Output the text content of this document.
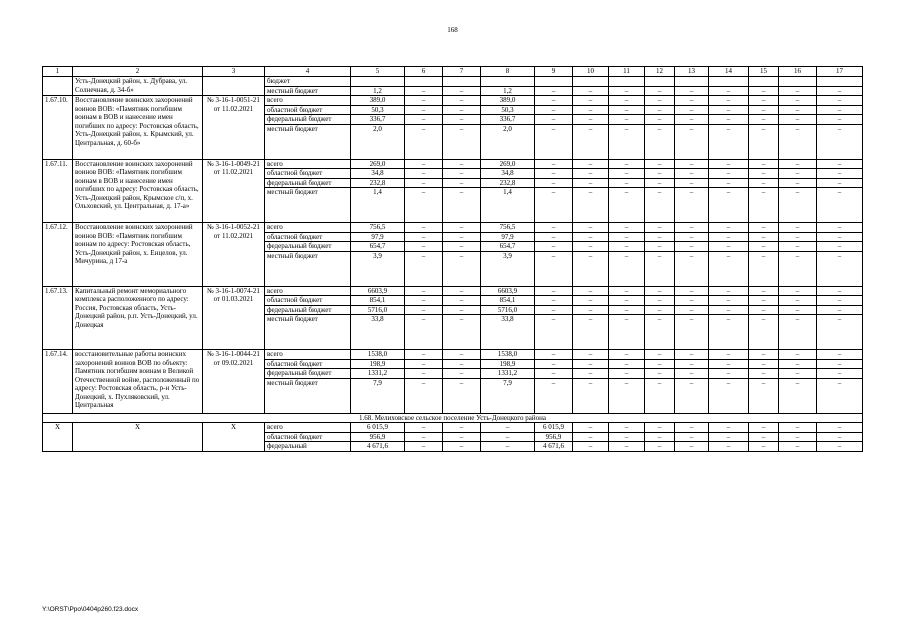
168
1	2	3	4	5	6	7	8	9	10	11	12	13	14	15	16	17
	Усть-Донецкий район, х. Дубрава, ул. Солнечная, д. 34-б»		бюджет													
			местный бюджет	1,2	–	–	1,2	–	–	–	–	–	–	–	–	–
1.67.10.	Восстановление воинских захоронений воинов ВОВ: «Памятник погибшим воинам в ВОВ и нанесение имен погибших по адресу: Ростовская область, Усть-Донецкий район, х. Крымский, ул. Центральная, д. 60-б»	№ 3-16-1-0051-21 от 11.02.2021	всего	389,0	–	–	389,0	–	–	–	–	–	–	–	–	–
			областной бюджет	50,3	–	–	50,3	–	–	–	–	–	–	–	–	–
			федеральный бюджет	336,7	–	–	336,7	–	–	–	–	–	–	–	–	–
			местный бюджет	2,0	–	–	2,0	–	–	–	–	–	–	–	–	–
1.67.11.	Восстановление воинских захоронений воинов ВОВ: «Памятник погибшим воинам в ВОВ и нанесение имен погибших по адресу: Ростовская область, Усть-Донецкий район, Крымское с/п, х. Ольховский, ул. Центральная, д. 17-а»	№ 3-16-1-0049-21 от 11.02.2021	всего	269,0	–	–	269,0	–	–	–	–	–	–	–	–	–
			областной бюджет	34,8	–	–	34,8	–	–	–	–	–	–	–	–	–
			федеральный бюджет	232,8	–	–	232,8	–	–	–	–	–	–	–	–	–
			местный бюджет	1,4	–	–	1,4	–	–	–	–	–	–	–	–	–
1.67.12.	Восстановление воинских захоронений воинов ВОВ: «Памятник погибшим воинам по адресу: Ростовская область, Усть-Донецкий район, х. Енцелов, ул. Мичурина, д 17-а	№ 3-16-1-0052-21 от 11.02.2021	всего	756,5	–	–	756,5	–	–	–	–	–	–	–	–	–
			областной бюджет	97,9	–	–	97,9	–	–	–	–	–	–	–	–	–
			федеральный бюджет	654,7	–	–	654,7	–	–	–	–	–	–	–	–	–
			местный бюджет	3,9	–	–	3,9	–	–	–	–	–	–	–	–	–
1.67.13.	Капитальный ремонт мемориального комплекса расположенного по адресу: Россия, Ростовская область, Усть-Донецкий район, р.п. Усть-Донецкий, ул. Донецкая	№ 3-16-1-0074-21 от 01.03.2021	всего	6603,9	–	–	6603,9	–	–	–	–	–	–	–	–	–
			областной бюджет	854,1	–	–	854,1	–	–	–	–	–	–	–	–	–
			федеральный бюджет	5716,0	–	–	5716,0	–	–	–	–	–	–	–	–	–
			местный бюджет	33,8	–	–	33,8	–	–	–	–	–	–	–	–	–
1.67.14.	восстановительные работы воинских захоронений воинов ВОВ по объекту: Памятник погибшим воинам в Великой Отечественной войне, расположенный по адресу: Ростовская область, р-н Усть-Донецкий, х. Пухляковский, ул. Центральная	№ 3-16-1-0044-21 от 09.02.2021	всего	1538,0	–	–	1538,0	–	–	–	–	–	–	–	–	–
			областной бюджет	198,9	–	–	198,9	–	–	–	–	–	–	–	–	–
			федеральный бюджет	1331,2	–	–	1331,2	–	–	–	–	–	–	–	–	–
			местный бюджет	7,9	–	–	7,9	–	–	–	–	–	–	–	–	–
1.68. Мелиховское сельское поселение Усть-Донецкого района																
Х	Х	Х	всего	6 015,9	–	–	–	6 015,9	–	–	–	–	–	–	–	–
			областной бюджет	956,9	–	–	–	956,9	–	–	–	–	–	–	–	–
			федеральный	4 671,6	–	–	–	4 671,6	–	–	–	–	–	–	–	–
Y:\ORST\Ppo\0404p260.f23.docx
